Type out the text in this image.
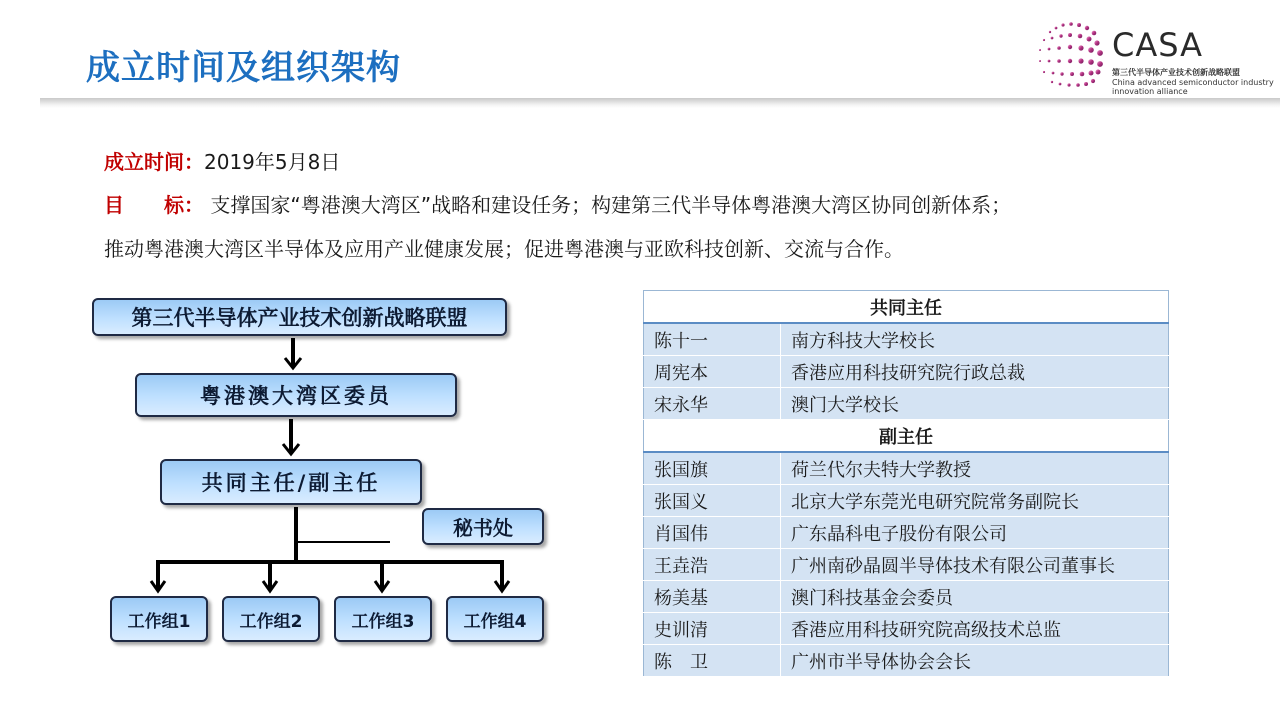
成立时间及组织架构
CASA
第三代半导体产业技术创新战略联盟
China advanced semiconductor industry
innovation alliance
成立时间：2019年5月8日
目　　标： 支撑国家“粤港澳大湾区”战略和建设任务；构建第三代半导体粤港澳大湾区协同创新体系；
推动粤港澳大湾区半导体及应用产业健康发展；促进粤港澳与亚欧科技创新、交流与合作。
第三代半导体产业技术创新战略联盟
粤港澳大湾区委员
共同主任/副主任
秘书处
工作组1	工作组2	工作组3	工作组4
共同主任	
陈十一	南方科技大学校长
周宪本	香港应用科技研究院行政总裁
宋永华	澳门大学校长
副主任	
张国旗	荷兰代尔夫特大学教授
张国义	北京大学东莞光电研究院常务副院长
肖国伟	广东晶科电子股份有限公司
王垚浩	广州南砂晶圆半导体技术有限公司董事长
杨美基	澳门科技基金会委员
史训清	香港应用科技研究院高级技术总监
陈　卫	广州市半导体协会会长
